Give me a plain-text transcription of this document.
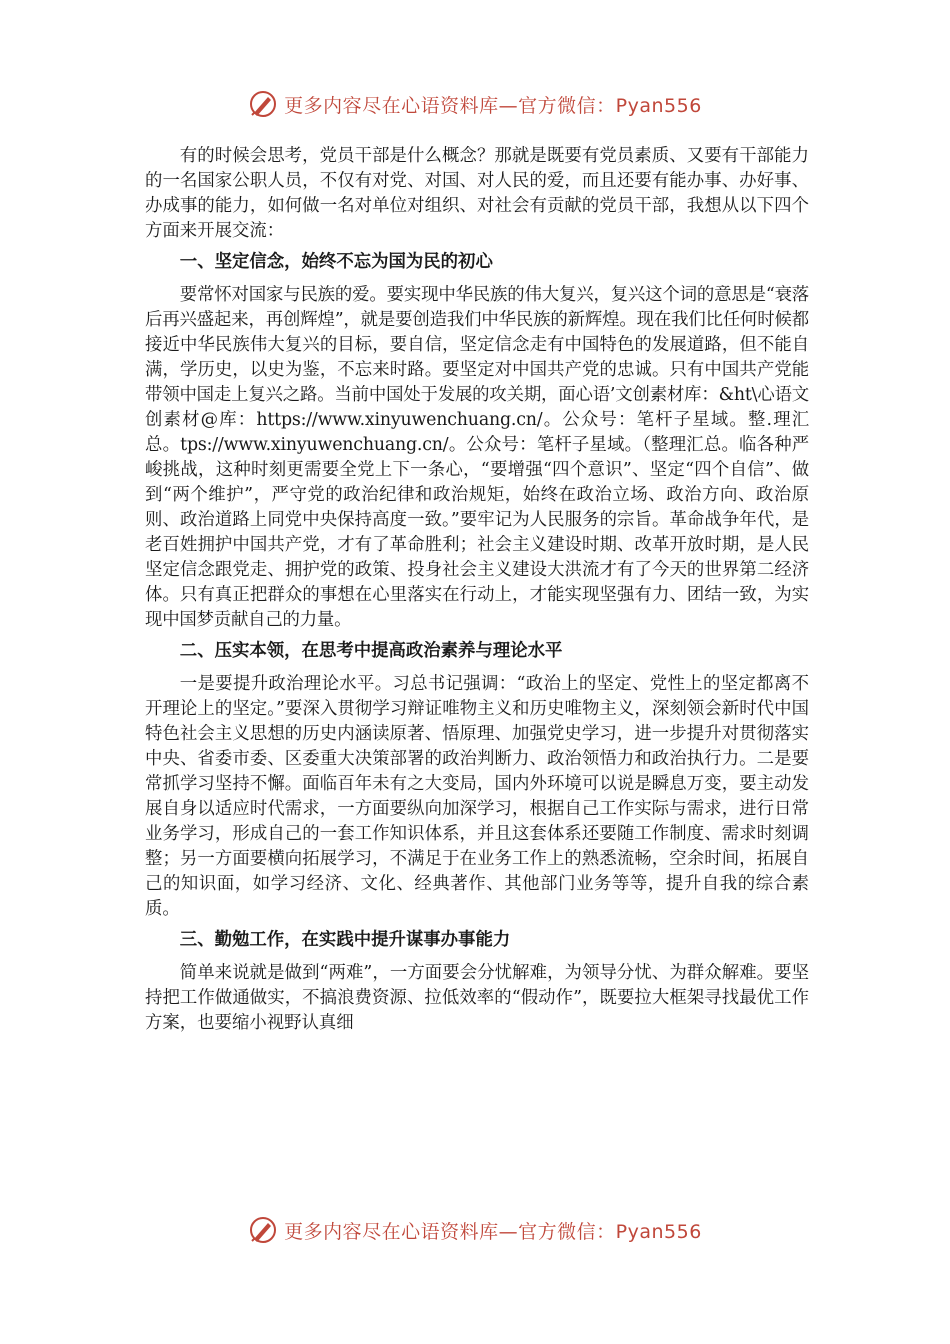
更多内容尽在心语资料库—官方微信：Pyan556

有的时候会思考，党员干部是什么概念？那就是既要有党员素质、又要有干部能力的一名国家公职人员，不仅有对党、对国、对人民的爱，而且还要有能办事、办好事、办成事的能力，如何做一名对单位对组织、对社会有贡献的党员干部，我想从以下四个方面来开展交流：

一、坚定信念，始终不忘为国为民的初心

要常怀对国家与民族的爱。要实现中华民族的伟大复兴，复兴这个词的意思是“衰落后再兴盛起来，再创辉煌”，就是要创造我们中华民族的新辉煌。现在我们比任何时候都接近中华民族伟大复兴的目标，要自信，坚定信念走有中国特色的发展道路，但不能自满，学历史，以史为鉴，不忘来时路。要坚定对中国共产党的忠诚。只有中国共产党能带领中国走上复兴之路。当前中国处于发展的攻关期，面心语’文创素材库：&ht\心语文创素材@库：https://www.xinyuwenchuang.cn/。公众号：笔杆子星域。整.理汇总。tps://www.xinyuwenchuang.cn/。公众号：笔杆子星域。（整理汇总。临各种严峻挑战，这种时刻更需要全党上下一条心，“要增强“四个意识”、坚定“四个自信”、做到“两个维护”，严守党的政治纪律和政治规矩，始终在政治立场、政治方向、政治原则、政治道路上同党中央保持高度一致。”要牢记为人民服务的宗旨。革命战争年代，是老百姓拥护中国共产党，才有了革命胜利；社会主义建设时期、改革开放时期，是人民坚定信念跟党走、拥护党的政策、投身社会主义建设大洪流才有了今天的世界第二经济体。只有真正把群众的事想在心里落实在行动上，才能实现坚强有力、团结一致，为实现中国梦贡献自己的力量。

二、压实本领，在思考中提高政治素养与理论水平

一是要提升政治理论水平。习总书记强调：“政治上的坚定、党性上的坚定都离不开理论上的坚定。”要深入贯彻学习辩证唯物主义和历史唯物主义，深刻领会新时代中国特色社会主义思想的历史内涵读原著、悟原理、加强党史学习，进一步提升对贯彻落实中央、省委市委、区委重大决策部署的政治判断力、政治领悟力和政治执行力。二是要常抓学习坚持不懈。面临百年未有之大变局，国内外环境可以说是瞬息万变，要主动发展自身以适应时代需求，一方面要纵向加深学习，根据自己工作实际与需求，进行日常业务学习，形成自己的一套工作知识体系，并且这套体系还要随工作制度、需求时刻调整；另一方面要横向拓展学习，不满足于在业务工作上的熟悉流畅，空余时间，拓展自己的知识面，如学习经济、文化、经典著作、其他部门业务等等，提升自我的综合素质。

三、勤勉工作，在实践中提升谋事办事能力

简单来说就是做到“两难”，一方面要会分忧解难，为领导分忧、为群众解难。要坚持把工作做通做实，不搞浪费资源、拉低效率的“假动作”，既要拉大框架寻找最优工作方案，也要缩小视野认真细

更多内容尽在心语资料库—官方微信：Pyan556
